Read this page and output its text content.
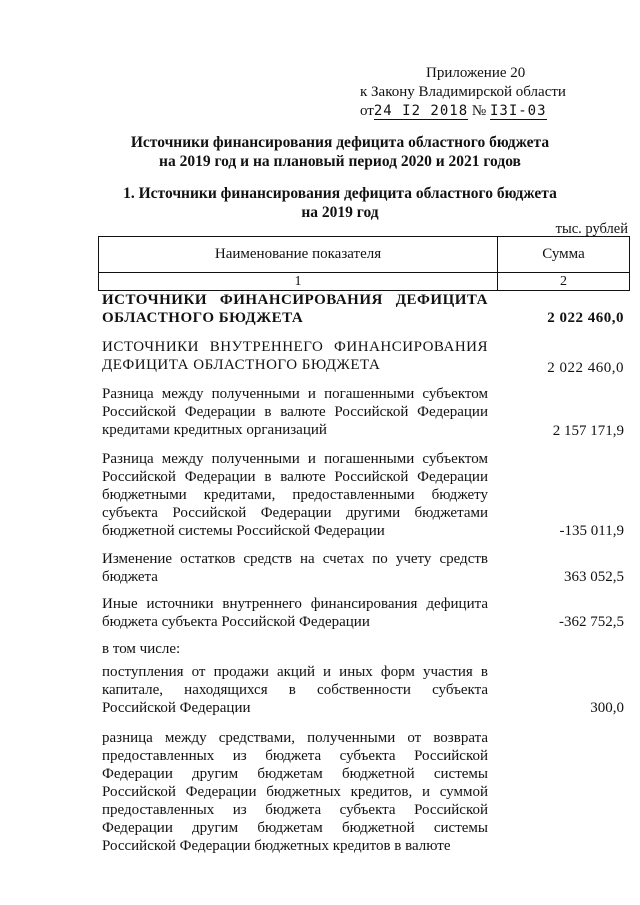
Приложение 20
к Закону Владимирской области
от24 I2 2018 № I3I-03
Источники финансирования дефицита областного бюджета
на 2019 год и на плановый период 2020 и 2021 годов
1. Источники финансирования дефицита областного бюджета
на 2019 год
тыс. рублей
Наименование показателя	Сумма
1	2
ИСТОЧНИКИ ФИНАНСИРОВАНИЯ ДЕФИЦИТА ОБЛАСТНОГО БЮДЖЕТА	2 022 460,0
ИСТОЧНИКИ ВНУТРЕННЕГО ФИНАНСИРОВАНИЯ ДЕФИЦИТА ОБЛАСТНОГО БЮДЖЕТА	2 022 460,0
Разница между полученными и погашенными субъектом Российской Федерации в валюте Российской Федерации кредитами кредитных организаций	2 157 171,9
Разница между полученными и погашенными субъектом Российской Федерации в валюте Российской Федерации бюджетными кредитами, предоставленными бюджету субъекта Российской Федерации другими бюджетами бюджетной системы Российской Федерации	-135 011,9
Изменение остатков средств на счетах по учету средств бюджета	363 052,5
Иные источники внутреннего финансирования дефицита бюджета субъекта Российской Федерации	-362 752,5
в том числе:
поступления от продажи акций и иных форм участия в капитале, находящихся в собственности субъекта Российской Федерации	300,0
разница между средствами, полученными от возврата предоставленных из бюджета субъекта Российской Федерации другим бюджетам бюджетной системы Российской Федерации бюджетных кредитов, и суммой предоставленных из бюджета субъекта Российской Федерации другим бюджетам бюджетной системы Российской Федерации бюджетных кредитов в валюте
